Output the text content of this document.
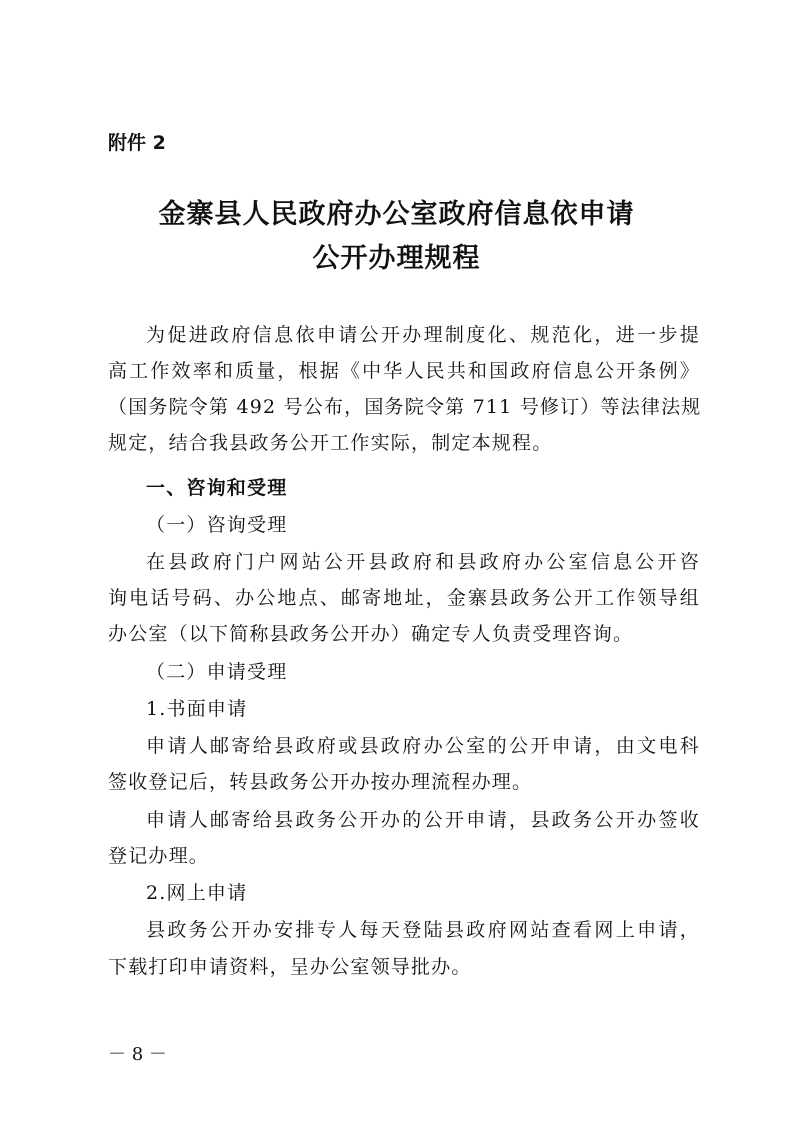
附件 2
金寨县人民政府办公室政府信息依申请
公开办理规程
为促进政府信息依申请公开办理制度化、规范化，进一步提
高工作效率和质量，根据《中华人民共和国政府信息公开条例》
（国务院令第 492 号公布，国务院令第 711 号修订）等法律法规
规定，结合我县政务公开工作实际，制定本规程。
一、咨询和受理
（一）咨询受理
在县政府门户网站公开县政府和县政府办公室信息公开咨
询电话号码、办公地点、邮寄地址，金寨县政务公开工作领导组
办公室（以下简称县政务公开办）确定专人负责受理咨询。
（二）申请受理
1.书面申请
申请人邮寄给县政府或县政府办公室的公开申请，由文电科
签收登记后，转县政务公开办按办理流程办理。
申请人邮寄给县政务公开办的公开申请，县政务公开办签收
登记办理。
2.网上申请
县政务公开办安排专人每天登陆县政府网站查看网上申请，
下载打印申请资料，呈办公室领导批办。
－ 8 －
